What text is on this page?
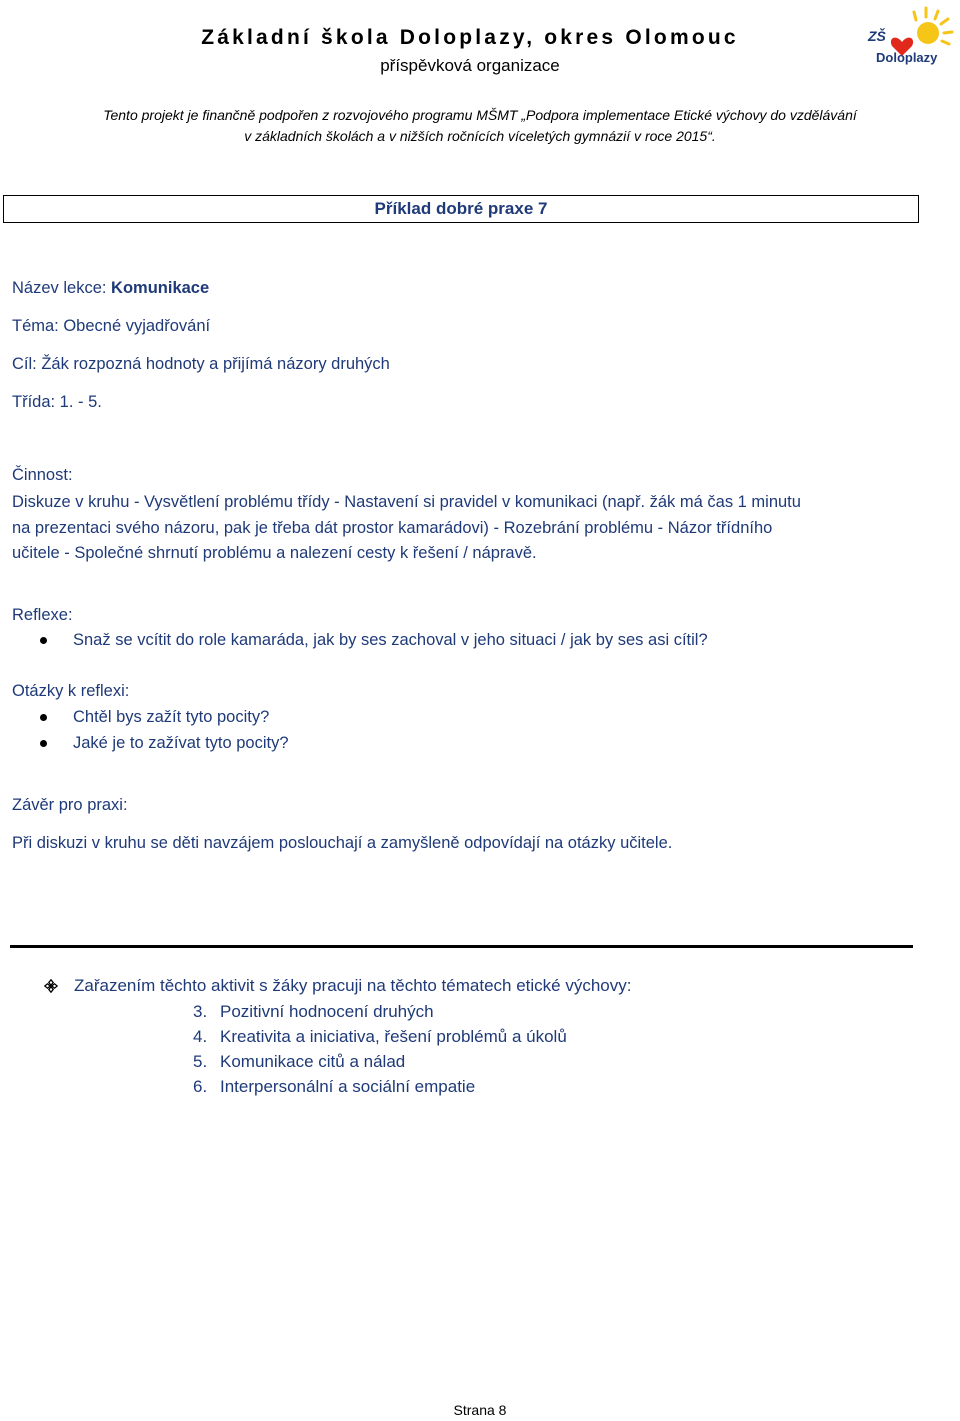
Základní škola Doloplazy, okres Olomouc
příspěvková organizace
ZŠ
Doloplazy
Tento projekt je finančně podpořen z rozvojového programu MŠMT „Podpora implementace Etické výchovy do vzdělávání
v základních školách a v nižších ročnících víceletých gymnázií v roce 2015“.
Příklad dobré praxe 7
Název lekce: Komunikace
Téma: Obecné vyjadřování
Cíl: Žák rozpozná hodnoty a přijímá názory druhých
Třída: 1. - 5.
Činnost:

Diskuze v kruhu - Vysvětlení problému třídy - Nastavení si pravidel v komunikaci (např. žák má čas 1 minutu

na prezentaci svého názoru, pak je třeba dát prostor kamarádovi) - Rozebrání problému - Názor třídního

učitele - Společné shrnutí problému a nalezení cesty k řešení / nápravě.

Reflexe:
Snaž se vcítit do role kamaráda, jak by ses zachoval v jeho situaci / jak by ses asi cítil?
Otázky k reflexi:
Chtěl bys zažít tyto pocity?
Jaké je to zažívat tyto pocity?
Závěr pro praxi:
Při diskuzi v kruhu se děti navzájem poslouchají a zamyšleně odpovídají na otázky učitele.
Zařazením těchto aktivit s žáky pracuji na těchto tématech etické výchovy:
3. Pozitivní hodnocení druhých
4. Kreativita a iniciativa, řešení problémů a úkolů
5. Komunikace citů a nálad
6. Interpersonální a sociální empatie
Strana 8
